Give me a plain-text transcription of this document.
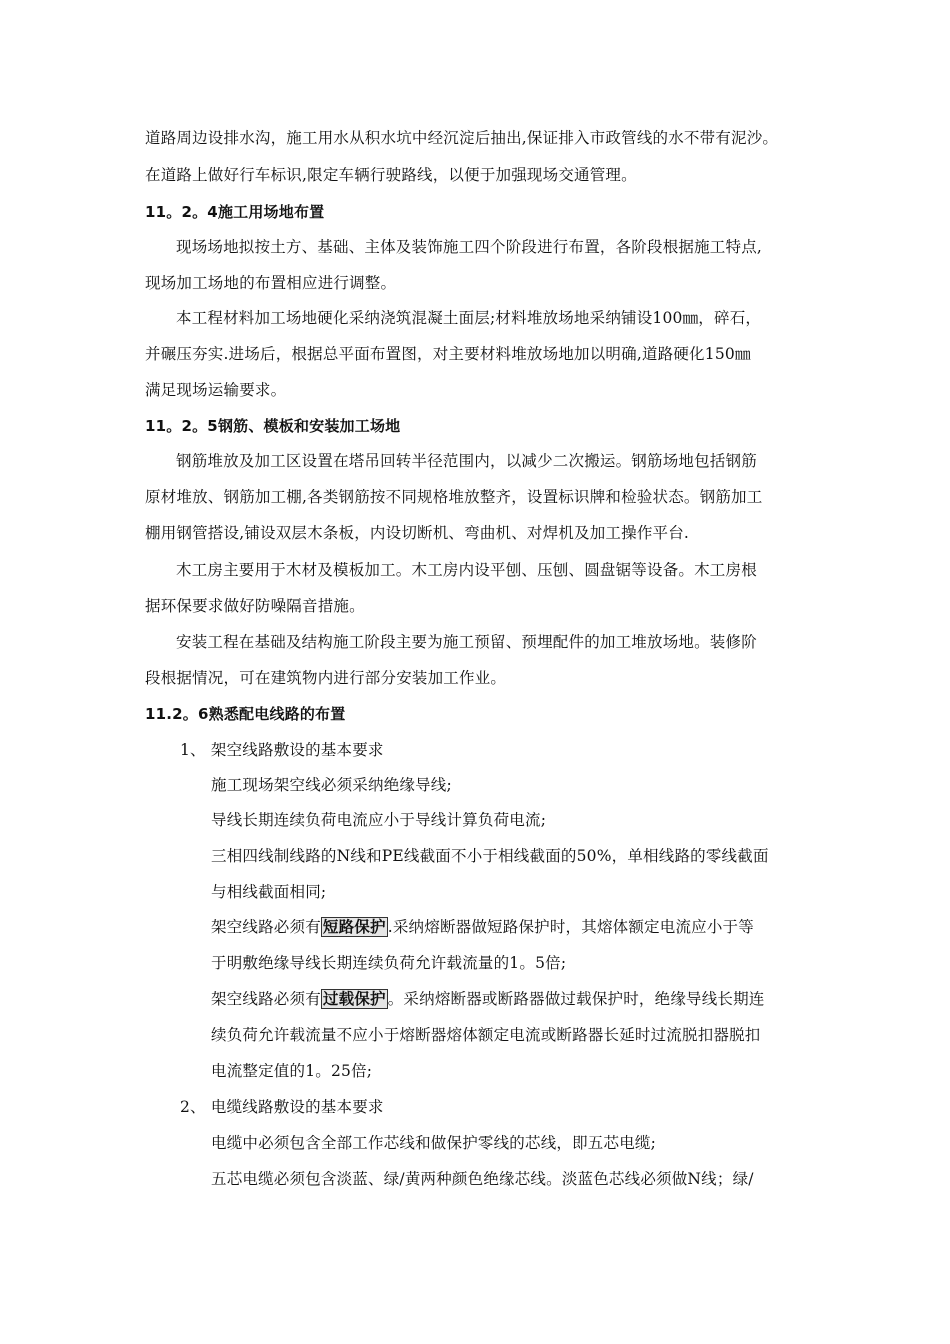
道路周边设排水沟，施工用水从积水坑中经沉淀后抽出,保证排入市政管线的水不带有泥沙。
在道路上做好行车标识,限定车辆行驶路线，以便于加强现场交通管理。
11。2。4施工用场地布置
现场场地拟按土方、基础、主体及装饰施工四个阶段进行布置，各阶段根据施工特点,
现场加工场地的布置相应进行调整。
本工程材料加工场地硬化采纳浇筑混凝土面层;材料堆放场地采纳铺设100㎜，碎石，
并碾压夯实.进场后，根据总平面布置图，对主要材料堆放场地加以明确,道路硬化150㎜
满足现场运输要求。
11。2。5钢筋、模板和安装加工场地
钢筋堆放及加工区设置在塔吊回转半径范围内，以减少二次搬运。钢筋场地包括钢筋
原材堆放、钢筋加工棚,各类钢筋按不同规格堆放整齐，设置标识牌和检验状态。钢筋加工
棚用钢管搭设,铺设双层木条板，内设切断机、弯曲机、对焊机及加工操作平台.
木工房主要用于木材及模板加工。木工房内设平刨、压刨、圆盘锯等设备。木工房根
据环保要求做好防噪隔音措施。
安装工程在基础及结构施工阶段主要为施工预留、预埋配件的加工堆放场地。装修阶
段根据情况，可在建筑物内进行部分安装加工作业。
11.2。6熟悉配电线路的布置
1、 架空线路敷设的基本要求
施工现场架空线必须采纳绝缘导线;
导线长期连续负荷电流应小于导线计算负荷电流;
三相四线制线路的N线和PE线截面不小于相线截面的50%，单相线路的零线截面
与相线截面相同;
架空线路必须有 短路保护 .采纳熔断器做短路保护时，其熔体额定电流应小于等
于明敷绝缘导线长期连续负荷允许载流量的1。5倍;
架空线路必须有 过载保护 。采纳熔断器或断路器做过载保护时，绝缘导线长期连
续负荷允许载流量不应小于熔断器熔体额定电流或断路器长延时过流脱扣器脱扣
电流整定值的1。25倍;
2、 电缆线路敷设的基本要求
电缆中必须包含全部工作芯线和做保护零线的芯线，即五芯电缆;
五芯电缆必须包含淡蓝、绿/黄两种颜色绝缘芯线。淡蓝色芯线必须做N线；绿/
